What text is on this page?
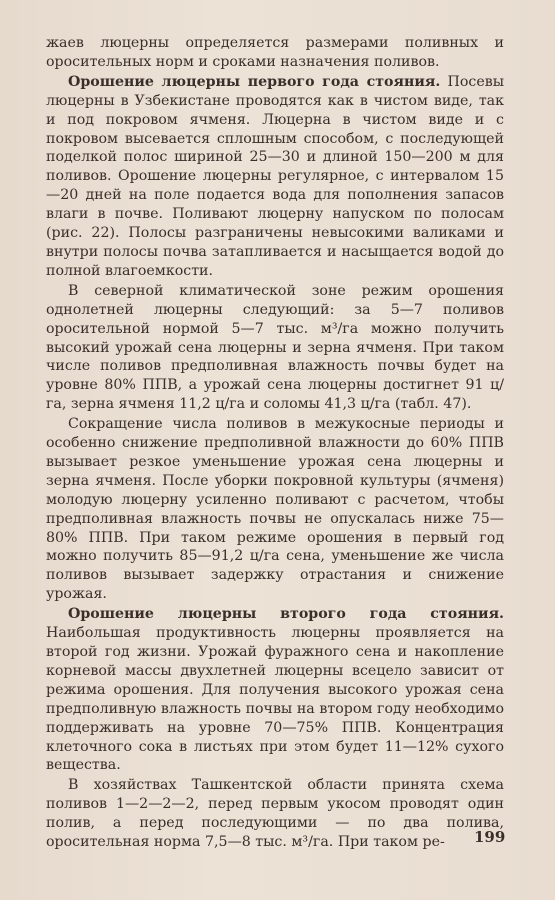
жаев люцерны определяется размерами поливных и оросительных норм и сроками назначения поливов.

Орошение люцерны первого года стояния. Посевы люцерны в Узбекистане проводятся как в чистом виде, так и под покровом ячменя. Люцерна в чистом виде и с покровом высевается сплошным способом, с последующей поделкой полос шириной 25—30 и длиной 150—200 м для поливов. Орошение люцерны регулярное, с интервалом 15—20 дней на поле подается вода для пополнения запасов влаги в почве. Поливают люцерну напуском по полосам (рис. 22). Полосы разграничены невысокими валиками и внутри полосы почва затапливается и насыщается водой до полной влагоемкости.

В северной климатической зоне режим орошения однолетней люцерны следующий: за 5—7 поливов оросительной нормой 5—7 тыс. м³/га можно получить высокий урожай сена люцерны и зерна ячменя. При таком числе поливов предполивная влажность почвы будет на уровне 80% ППВ, а урожай сена люцерны достигнет 91 ц/га, зерна ячменя 11,2 ц/га и соломы 41,3 ц/га (табл. 47).

Сокращение числа поливов в межукосные периоды и особенно снижение предполивной влажности до 60% ППВ вызывает резкое уменьшение урожая сена люцерны и зерна ячменя. После уборки покровной культуры (ячменя) молодую люцерну усиленно поливают с расчетом, чтобы предполивная влажность почвы не опускалась ниже 75—80% ППВ. При таком режиме орошения в первый год можно получить 85—91,2 ц/га сена, уменьшение же числа поливов вызывает задержку отрастания и снижение урожая.

Орошение люцерны второго года стояния. Наибольшая продуктивность люцерны проявляется на второй год жизни. Урожай фуражного сена и накопление корневой массы двухлетней люцерны всецело зависит от режима орошения. Для получения высокого урожая сена предполивную влажность почвы на втором году необходимо поддерживать на уровне 70—75% ППВ. Концентрация клеточного сока в листьях при этом будет 11—12% сухого вещества.

В хозяйствах Ташкентской области принята схема поливов 1—2—2—2, перед первым укосом проводят один полив, а перед последующими — по два полива, оросительная норма 7,5—8 тыс. м³/га. При таком ре-	199
